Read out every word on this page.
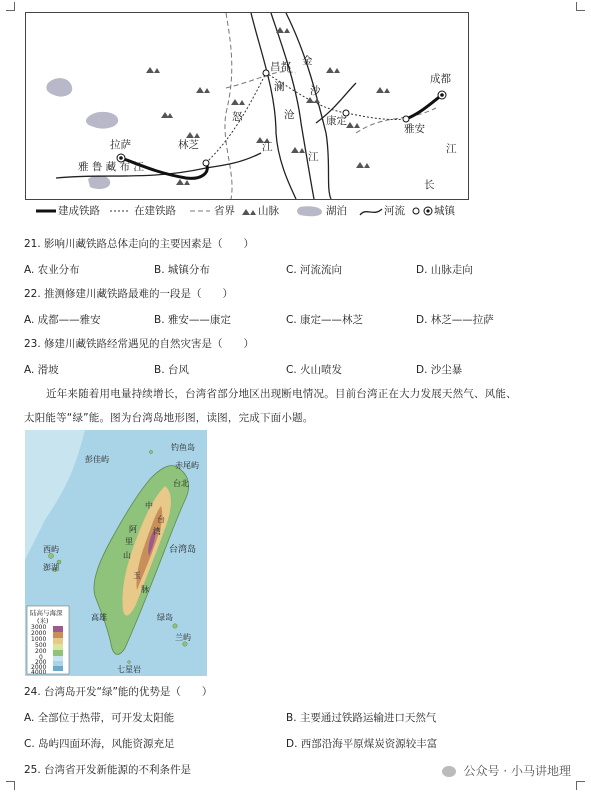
成都
昌都
拉萨	林芝
康定
雅安
金
沙
澜
沧
怒
江
江
江
长
雅 鲁 藏 布 江
建成铁路	在建铁路	省界 山脉	湖泊	河流	城镇
21. 影响川藏铁路总体走向的主要因素是（　　）
A. 农业分布	B. 城镇分布	C. 河流流向	D. 山脉走向
22. 推测修建川藏铁路最难的一段是（　　）
A. 成都——雅安	B. 雅安——康定	C. 康定——林芝	D. 林芝——拉萨
23. 修建川藏铁路经常遇见的自然灾害是（　　）
A. 滑坡	B. 台风	C. 火山喷发	D. 沙尘暴
近年来随着用电量持续增长，台湾省部分地区出现断电情况。目前台湾正在大力发展天然气、风能、
太阳能等“绿”能。图为台湾岛地形图，读图，完成下面小题。
彭佳屿
钓鱼岛
赤尾屿
台北
台湾岛
西屿
澎湖
兰屿
绿岛
七星岩
高雄
阿
里
山
台
湾
玉
脉
中
陆高与海深
(米)
3000
2000
1000
500
200
0
200
2000
4000
24. 台湾岛开发“绿”能的优势是（　　）
A. 全部位于热带，可开发太阳能	B. 主要通过铁路运输进口天然气
C. 岛屿四面环海，风能资源充足	D. 西部沿海平原煤炭资源较丰富
25. 台湾省开发新能源的不利条件是	公众号 · 小马讲地理
